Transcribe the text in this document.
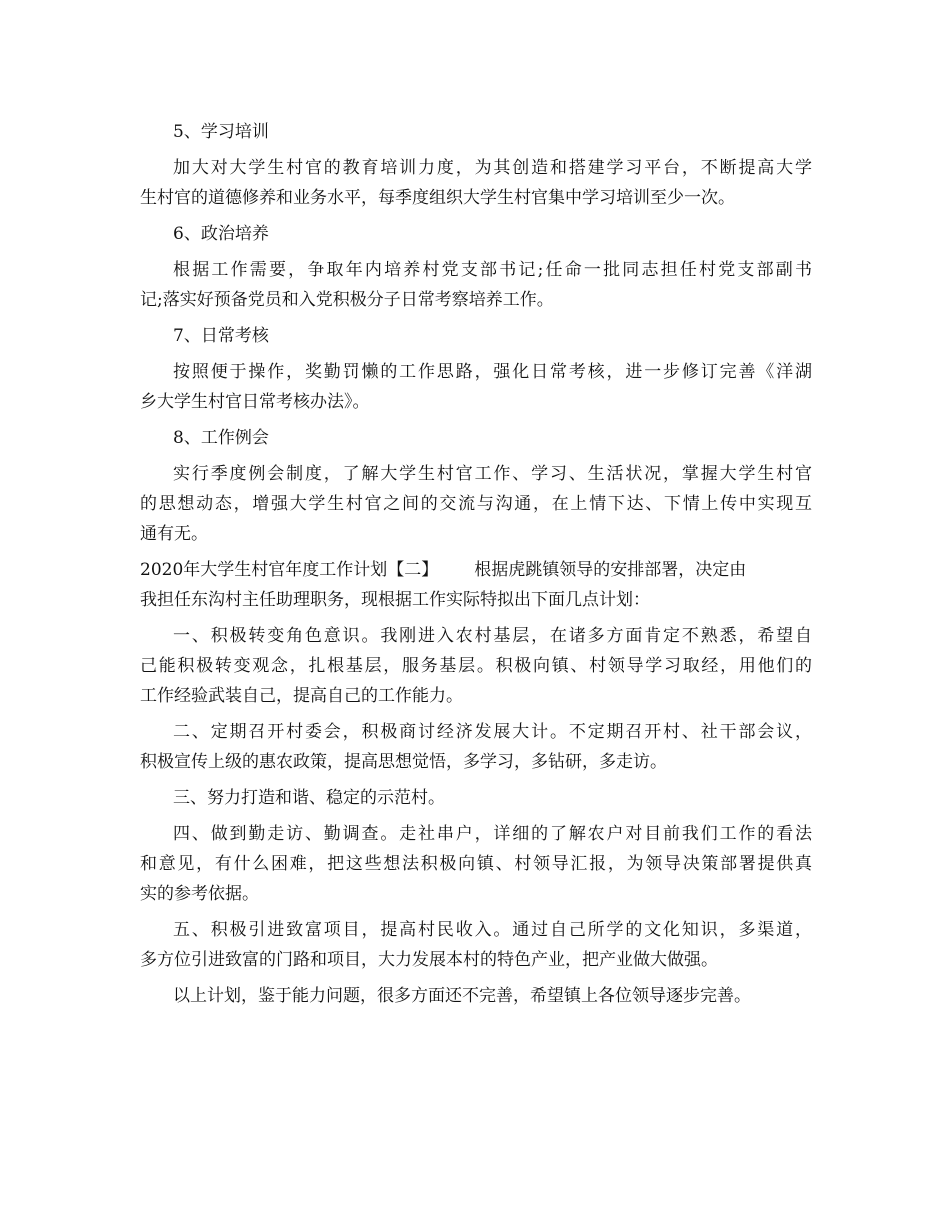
5、学习培训
加大对大学生村官的教育培训力度，为其创造和搭建学习平台，不断提高大学
生村官的道德修养和业务水平，每季度组织大学生村官集中学习培训至少一次。
6、政治培养
根据工作需要，争取年内培养村党支部书记;任命一批同志担任村党支部副书
记;落实好预备党员和入党积极分子日常考察培养工作。
7、日常考核
按照便于操作，奖勤罚懒的工作思路，强化日常考核，进一步修订完善《洋湖
乡大学生村官日常考核办法》。
8、工作例会
实行季度例会制度，了解大学生村官工作、学习、生活状况，掌握大学生村官
的思想动态，增强大学生村官之间的交流与沟通，在上情下达、下情上传中实现互
通有无。
2020年大学生村官年度工作计划【二】 根据虎跳镇领导的安排部署，决定由
我担任东沟村主任助理职务，现根据工作实际特拟出下面几点计划：
一、积极转变角色意识。我刚进入农村基层，在诸多方面肯定不熟悉，希望自
己能积极转变观念，扎根基层，服务基层。积极向镇、村领导学习取经，用他们的
工作经验武装自己，提高自己的工作能力。
二、定期召开村委会，积极商讨经济发展大计。不定期召开村、社干部会议，
积极宣传上级的惠农政策，提高思想觉悟，多学习，多钻研，多走访。
三、努力打造和谐、稳定的示范村。
四、做到勤走访、勤调查。走社串户，详细的了解农户对目前我们工作的看法
和意见，有什么困难，把这些想法积极向镇、村领导汇报，为领导决策部署提供真
实的参考依据。
五、积极引进致富项目，提高村民收入。通过自己所学的文化知识，多渠道，
多方位引进致富的门路和项目，大力发展本村的特色产业，把产业做大做强。
以上计划，鉴于能力问题，很多方面还不完善，希望镇上各位领导逐步完善。
